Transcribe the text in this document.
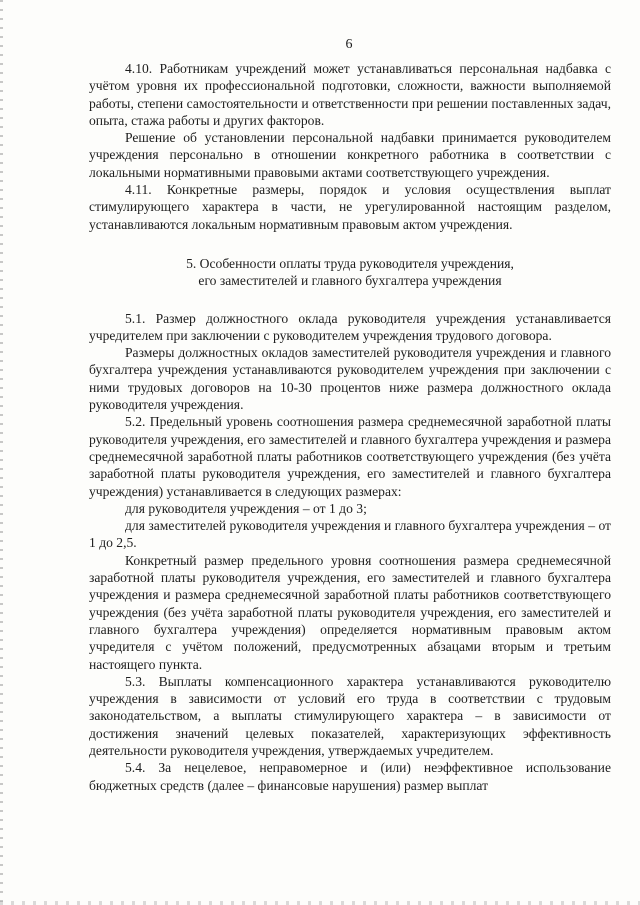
6

4.10. Работникам учреждений может устанавливаться персональная надбавка с учётом уровня их профессиональной подготовки, сложности, важности выполняемой работы, степени самостоятельности и ответственности при решении поставленных задач, опыта, стажа работы и других факторов.

Решение об установлении персональной надбавки принимается руководителем учреждения персонально в отношении конкретного работника в соответствии с локальными нормативными правовыми актами соответствующего учреждения.

4.11. Конкретные размеры, порядок и условия осуществления выплат стимулирующего характера в части, не урегулированной настоящим разделом, устанавливаются локальным нормативным правовым актом учреждения.

5. Особенности оплаты труда руководителя учреждения,
его заместителей и главного бухгалтера учреждения

5.1. Размер должностного оклада руководителя учреждения устанавливается учредителем при заключении с руководителем учреждения трудового договора.

Размеры должностных окладов заместителей руководителя учреждения и главного бухгалтера учреждения устанавливаются руководителем учреждения при заключении с ними трудовых договоров на 10-30 процентов ниже размера должностного оклада руководителя учреждения.

5.2. Предельный уровень соотношения размера среднемесячной заработной платы руководителя учреждения, его заместителей и главного бухгалтера учреждения и размера среднемесячной заработной платы работников соответствующего учреждения (без учёта заработной платы руководителя учреждения, его заместителей и главного бухгалтера учреждения) устанавливается в следующих размерах:

для руководителя учреждения – от 1 до 3;

для заместителей руководителя учреждения и главного бухгалтера учреждения – от 1 до 2,5.

Конкретный размер предельного уровня соотношения размера среднемесячной заработной платы руководителя учреждения, его заместителей и главного бухгалтера учреждения и размера среднемесячной заработной платы работников соответствующего учреждения (без учёта заработной платы руководителя учреждения, его заместителей и главного бухгалтера учреждения) определяется нормативным правовым актом учредителя с учётом положений, предусмотренных абзацами вторым и третьим настоящего пункта.

5.3. Выплаты компенсационного характера устанавливаются руководителю учреждения в зависимости от условий его труда в соответствии с трудовым законодательством, а выплаты стимулирующего характера – в зависимости от достижения значений целевых показателей, характеризующих эффективность деятельности руководителя учреждения, утверждаемых учредителем.

5.4. За нецелевое, неправомерное и (или) неэффективное использование бюджетных средств (далее – финансовые нарушения) размер выплат
